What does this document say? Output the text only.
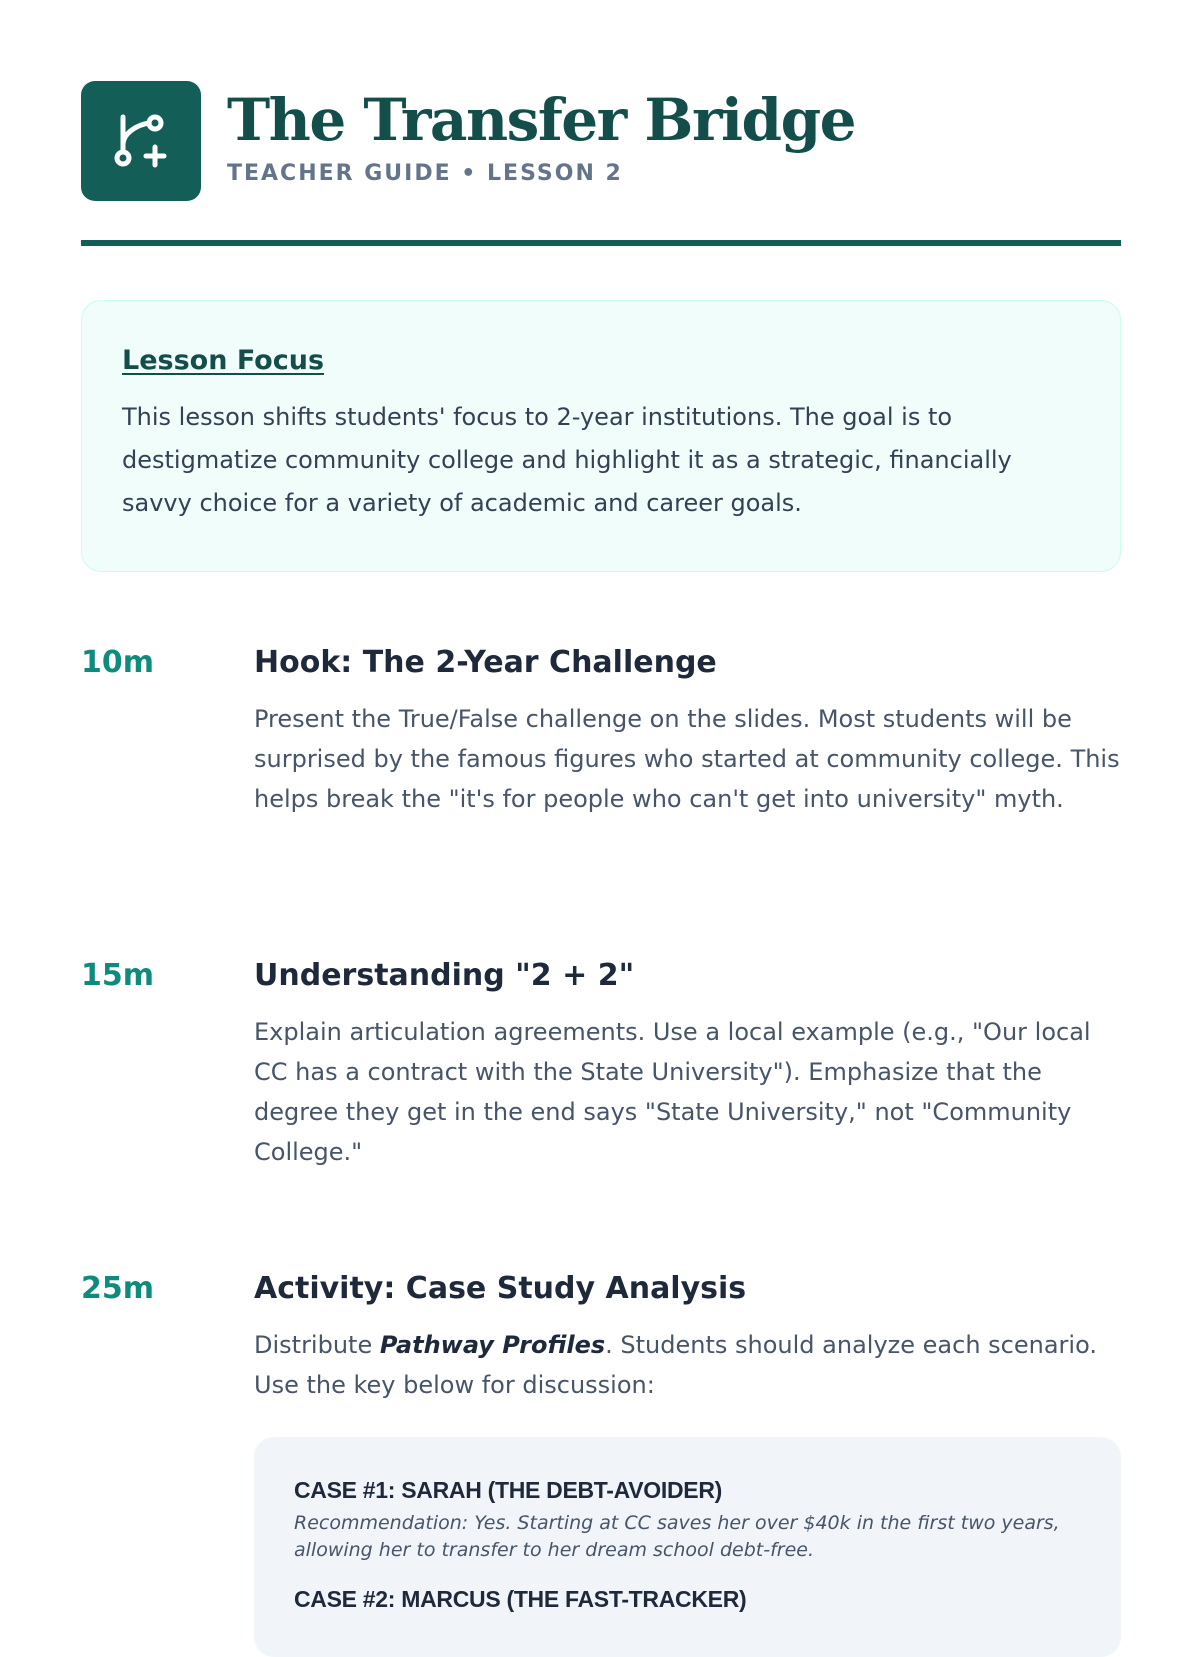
The Transfer Bridge
TEACHER GUIDE • LESSON 2

Lesson Focus

This lesson shifts students' focus to 2-year institutions. The goal is to destigmatize community college and highlight it as a strategic, financially savvy choice for a variety of academic and career goals.

10m	Hook: The 2-Year Challenge

Present the True/False challenge on the slides. Most students will be surprised by the famous figures who started at community college. This helps break the "it's for people who can't get into university" myth.

15m	Understanding "2 + 2"

Explain articulation agreements. Use a local example (e.g., "Our local CC has a contract with the State University"). Emphasize that the degree they get in the end says "State University," not "Community College."

25m	Activity: Case Study Analysis

Distribute Pathway Profiles. Students should analyze each scenario. Use the key below for discussion:

CASE #1: SARAH (THE DEBT-AVOIDER)

Recommendation: Yes. Starting at CC saves her over $40k in the first two years, allowing her to transfer to her dream school debt-free.

CASE #2: MARCUS (THE FAST-TRACKER)
